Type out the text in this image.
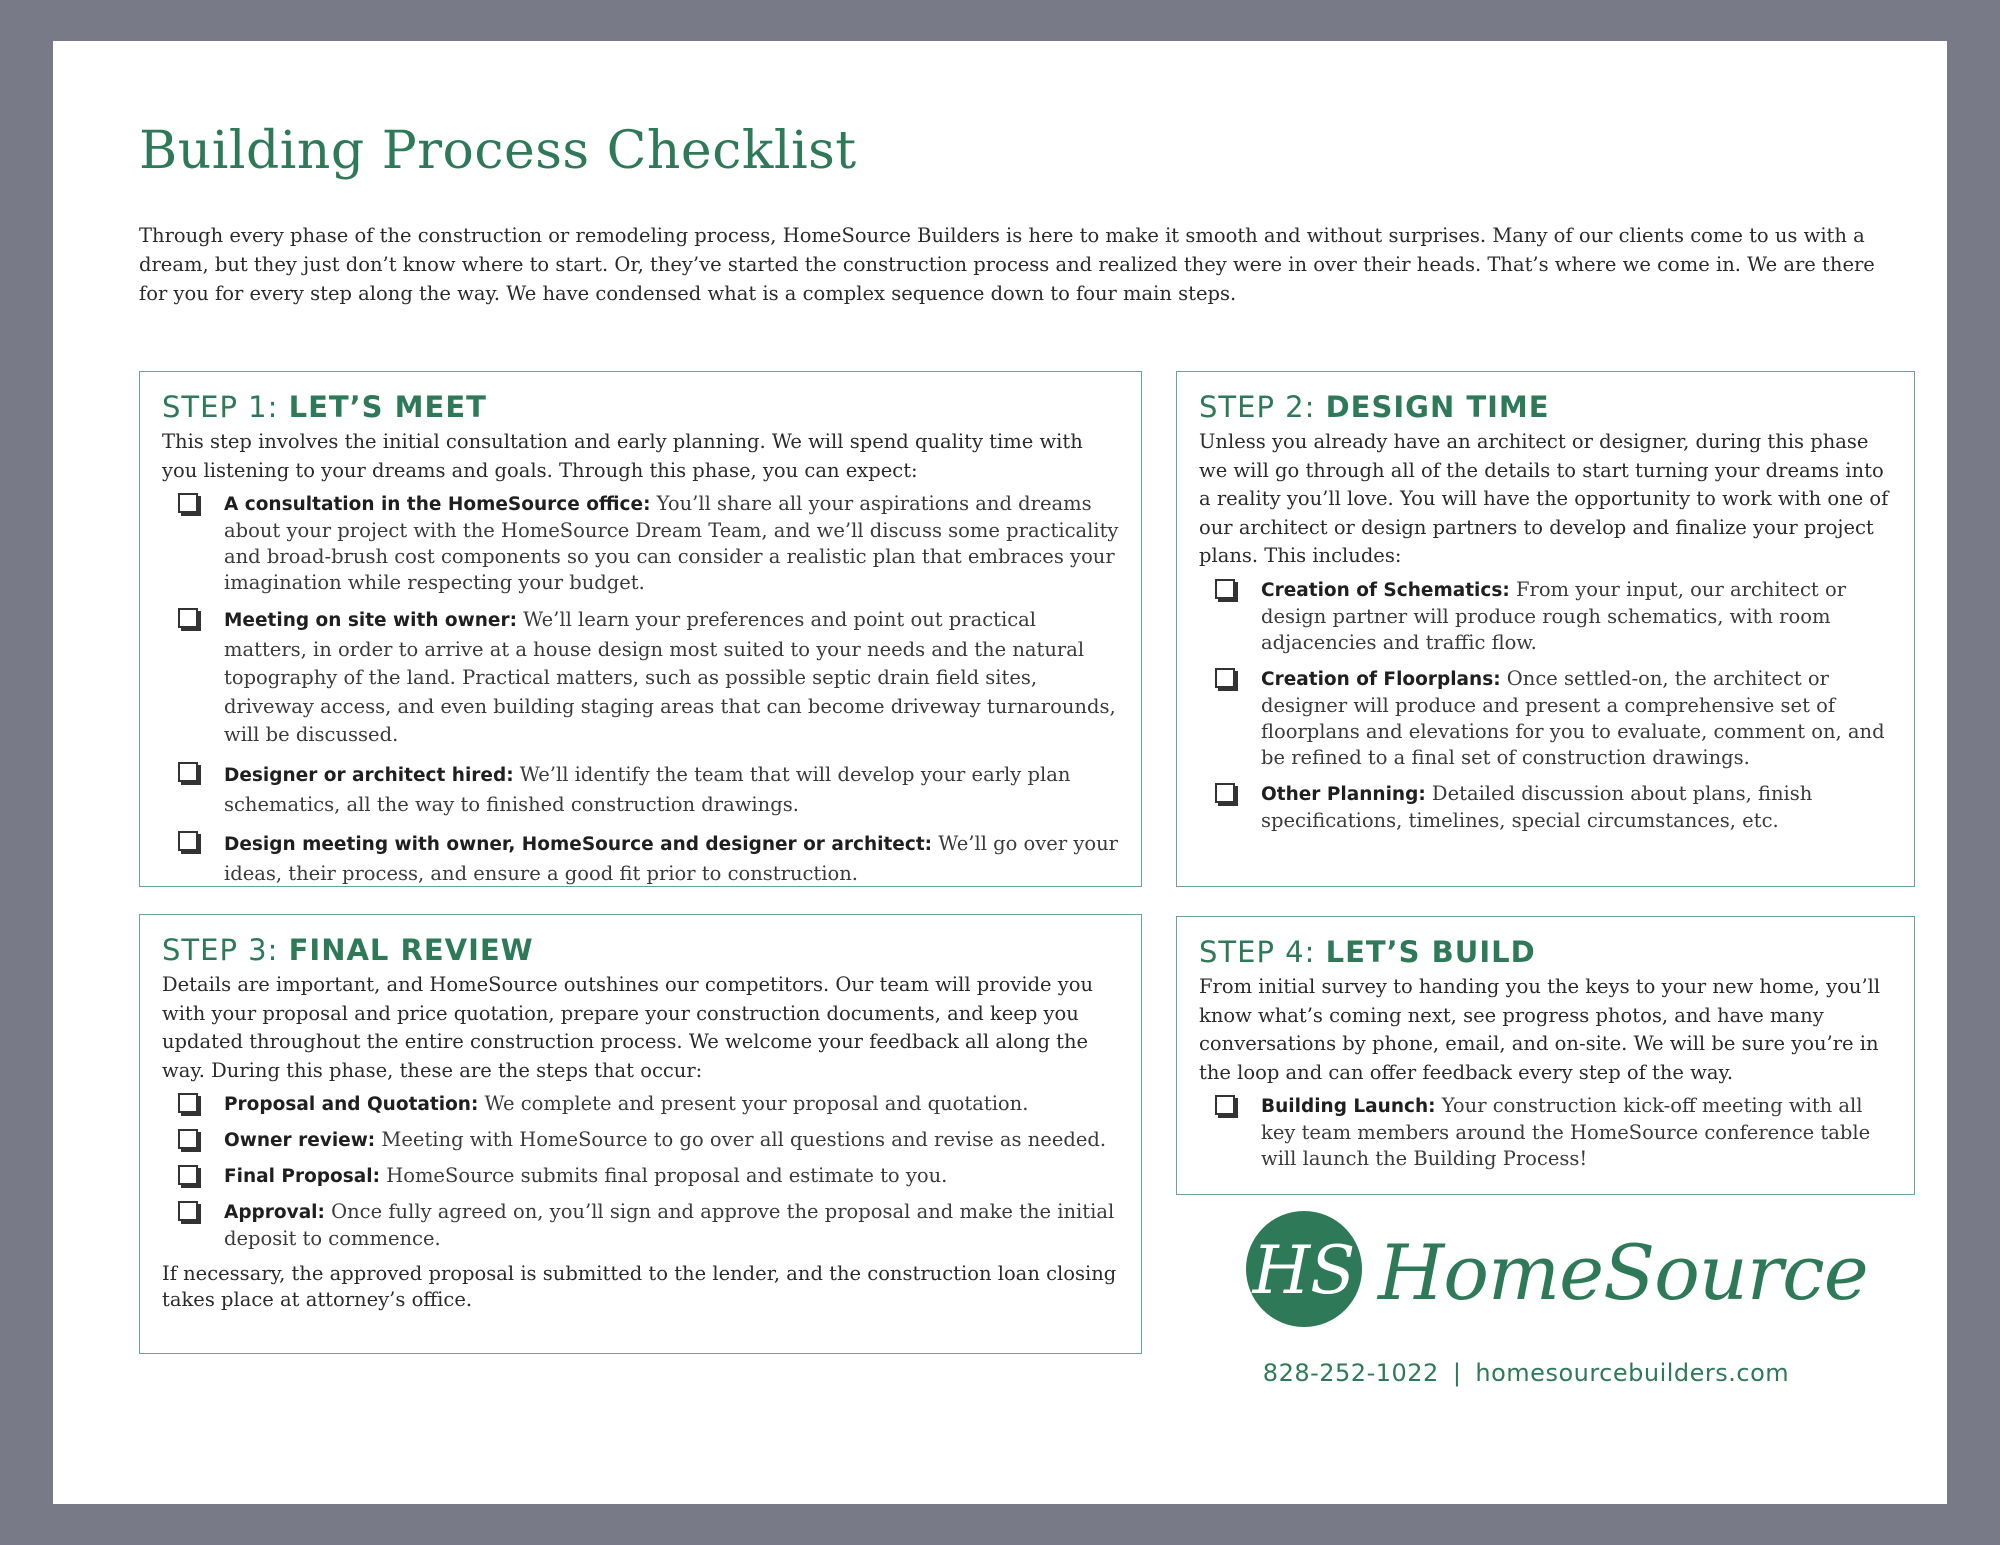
Building Process Checklist

Through every phase of the construction or remodeling process, HomeSource Builders is here to make it smooth and without surprises. Many of our clients come to us with a dream, but they just don’t know where to start. Or, they’ve started the construction process and realized they were in over their heads. That’s where we come in. We are there for you for every step along the way. We have condensed what is a complex sequence down to four main steps.

STEP 1: LET’S MEET

This step involves the initial consultation and early planning. We will spend quality time with you listening to your dreams and goals. Through this phase, you can expect:

A consultation in the HomeSource office: You’ll share all your aspirations and dreams about your project with the HomeSource Dream Team, and we’ll discuss some practicality and broad-brush cost components so you can consider a realistic plan that embraces your imagination while respecting your budget.
Meeting on site with owner: We’ll learn your preferences and point out practical matters, in order to arrive at a house design most suited to your needs and the natural topography of the land. Practical matters, such as possible septic drain field sites, driveway access, and even building staging areas that can become driveway turnarounds, will be discussed.
Designer or architect hired: We’ll identify the team that will develop your early plan schematics, all the way to finished construction drawings.
Design meeting with owner, HomeSource and designer or architect: We’ll go over your ideas, their process, and ensure a good fit prior to construction.
STEP 2: DESIGN TIME

Unless you already have an architect or designer, during this phase we will go through all of the details to start turning your dreams into a reality you’ll love. You will have the opportunity to work with one of our architect or design partners to develop and finalize your project plans. This includes:

Creation of Schematics: From your input, our architect or design partner will produce rough schematics, with room adjacencies and traffic flow.
Creation of Floorplans: Once settled-on, the architect or designer will produce and present a comprehensive set of floorplans and elevations for you to evaluate, comment on, and be refined to a final set of construction drawings.
Other Planning: Detailed discussion about plans, finish specifications, timelines, special circumstances, etc.
STEP 3: FINAL REVIEW

Details are important, and HomeSource outshines our competitors. Our team will provide you with your proposal and price quotation, prepare your construction documents, and keep you updated throughout the entire construction process. We welcome your feedback all along the way. During this phase, these are the steps that occur:

Proposal and Quotation: We complete and present your proposal and quotation.
Owner review: Meeting with HomeSource to go over all questions and revise as needed.
Final Proposal: HomeSource submits final proposal and estimate to you.
Approval: Once fully agreed on, you’ll sign and approve the proposal and make the initial deposit to commence.

If necessary, the approved proposal is submitted to the lender, and the construction loan closing takes place at attorney’s office.

STEP 4: LET’S BUILD

From initial survey to handing you the keys to your new home, you’ll know what’s coming next, see progress photos, and have many conversations by phone, email, and on-site. We will be sure you’re in the loop and can offer feedback every step of the way.

Building Launch: Your construction kick-off meeting with all key team members around the HomeSource conference table will launch the Building Process!
HS HomeSource
828-252-1022 | homesourcebuilders.com
